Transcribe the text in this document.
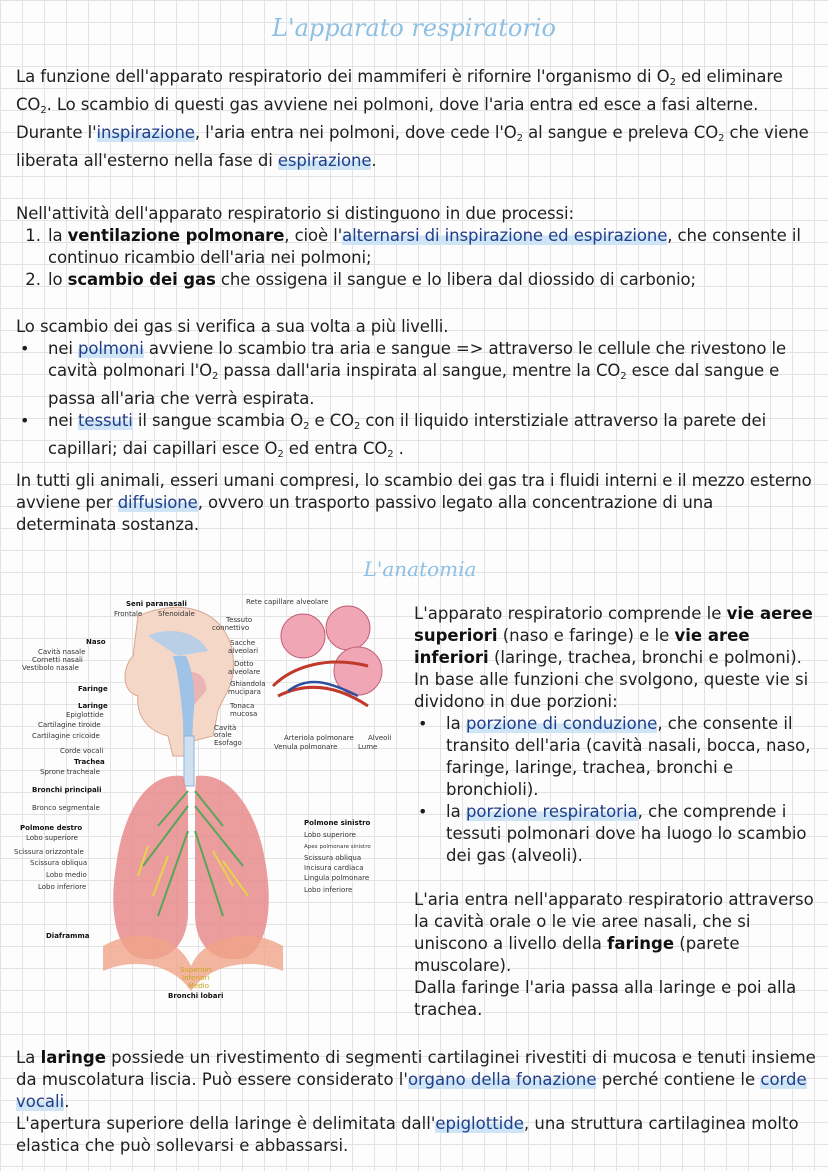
L'apparato respiratorio

La funzione dell'apparato respiratorio dei mammiferi è rifornire l'organismo di $O_2$ ed eliminare $CO_2$. Lo scambio di questi gas avviene nei polmoni, dove l'aria entra ed esce a fasi alterne.

Durante l'inspirazione, l'aria entra nei polmoni, dove cede $l'O_2$ al sangue e preleva $CO_2$ che viene liberata all'esterno nella fase di espirazione.

Nell'attività dell'apparato respiratorio si distinguono in due processi:

1. la ventilazione polmonare, cioè l'alternarsi di inspirazione ed espirazione, che consente il continuo ricambio dell'aria nei polmoni;
2. lo scambio dei gas che ossigena il sangue e lo libera dal diossido di carbonio;

Lo scambio dei gas si verifica a sua volta a più livelli.

• nei polmoni avviene lo scambio tra aria e sangue => attraverso le cellule che rivestono le cavità polmonari $l'O_2$ passa dall'aria inspirata al sangue, mentre la $CO_2$ esce dal sangue e passa all'aria che verrà espirata.
• nei tessuti il sangue scambia $O_2$ e $CO_2$ con il liquido interstiziale attraverso la parete dei capillari; dai capillari esce $O_2$ ed entra $CO_2$ .

In tutti gli animali, esseri umani compresi, lo scambio dei gas tra i fluidi interni e il mezzo esterno avviene per diffusione, ovvero un trasporto passivo legato alla concentrazione di una determinata sostanza.

L'anatomia
Seni paranasali
Frontale Sfenoidale
Rete capillare alveolare
Tessuto
connettivo
Naso
Cavità nasale
Cornetti nasali
Vestibolo nasale
Sacche
alveolari
Dotto
alveolare
Faringe
Ghiandola
mucipara
Laringe
Epiglottide
Tonaca
mucosa
Cartilagine tiroide
Cartilagine cricoide
Cavità
orale
Esofago
Arteriola polmonare Alveoli
Venula polmonare	Lume
Corde vocali
Trachea
Sprone tracheale
Bronchi principali
Bronco segmentale
Polmone destro
Lobo superiore
Scissura orizzontale
Scissura obliqua
Lobo medio
Lobo inferiore
Polmone sinistro
Lobo superiore
Apex polmonare sinistro
Scissura obliqua
Incisura cardiaca
Lingula polmonare
Lobo inferiore
Diaframma
Superiori
Inferiori
Medio
Bronchi lobari

L'apparato respiratorio comprende le vie aeree superiori (naso e faringe) e le vie aree inferiori (laringe, trachea, bronchi e polmoni). In base alle funzioni che svolgono, queste vie si dividono in due porzioni:

• la porzione di conduzione, che consente il transito dell'aria (cavità nasali, bocca, naso, faringe, laringe, trachea, bronchi e bronchioli).
• la porzione respiratoria, che comprende i tessuti polmonari dove ha luogo lo scambio dei gas (alveoli).

L'aria entra nell'apparato respiratorio attraverso la cavità orale o le vie aree nasali, che si uniscono a livello della faringe (parete muscolare).

Dalla faringe l'aria passa alla laringe e poi alla trachea.

La laringe possiede un rivestimento di segmenti cartilaginei rivestiti di mucosa e tenuti insieme da muscolatura liscia. Può essere considerato l'organo della fonazione perché contiene le corde vocali.

L'apertura superiore della laringe è delimitata dall'epiglottide, una struttura cartilaginea molto elastica che può sollevarsi e abbassarsi.
